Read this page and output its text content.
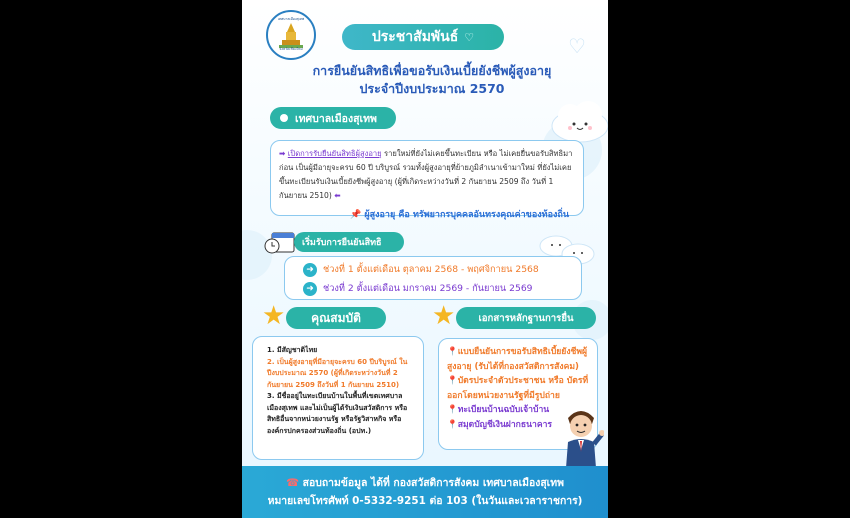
เทศบาลเมืองสุเทพ
จังหวัดเชียงใหม่
ประชาสัมพันธ์ ♡	♡
การยืนยันสิทธิเพื่อขอรับเงินเบี้ยยังชีพผู้สูงอายุ
ประจำปีงบประมาณ 2570
เทศบาลเมืองสุเทพ
➡ เปิดการรับยืนยันสิทธิผู้สูงอายุ รายใหม่ที่ยังไม่เคยขึ้นทะเบียน หรือ ไม่เคยยื่นขอรับสิทธิมาก่อน เป็นผู้มีอายุจะครบ 60 ปี บริบูรณ์ รวมทั้งผู้สูงอายุที่ย้ายภูมิลำเนาเข้ามาใหม่ ที่ยังไม่เคยขึ้นทะเบียนรับเงินเบี้ยยังชีพผู้สูงอายุ (ผู้ที่เกิดระหว่างวันที่ 2 กันยายน 2509 ถึง วันที่ 1 กันยายน 2510) ⬅
📌 ผู้สูงอายุ คือ ทรัพยากรบุคคลอันทรงคุณค่าของท้องถิ่น
เริ่มรับการยืนยันสิทธิ
➜	ช่วงที่ 1 ตั้งแต่เดือน ตุลาคม 2568 - พฤศจิกายน 2568
➜	ช่วงที่ 2 ตั้งแต่เดือน มกราคม 2569 - กันยายน 2569
★ คุณสมบัติ
1. มีสัญชาติไทย
2. เป็นผู้สูงอายุที่มีอายุจะครบ 60 ปีบริบูรณ์ ในปีงบประมาณ 2570 (ผู้ที่เกิดระหว่างวันที่ 2 กันยายน 2509 ถึงวันที่ 1 กันยายน 2510)
3. มีชื่ออยู่ในทะเบียนบ้านในพื้นที่เขตเทศบาลเมืองสุเทพ และไม่เป็นผู้ได้รับเงินสวัสดิการ หรือสิทธิอื่นจากหน่วยงานรัฐ หรือรัฐวิสาหกิจ หรือองค์กรปกครองส่วนท้องถิ่น (อปท.)
★ เอกสารหลักฐานการยื่น
📍แบบยืนยันการขอรับสิทธิเบี้ยยังชีพผู้สูงอายุ (รับได้ที่กองสวัสดิการสังคม)
📍บัตรประจำตัวประชาชน หรือ บัตรที่ออกโดยหน่วยงานรัฐที่มีรูปถ่าย
📍ทะเบียนบ้านฉบับเจ้าบ้าน
📍สมุดบัญชีเงินฝากธนาคาร
☎ สอบถามข้อมูล ได้ที่ กองสวัสดิการสังคม เทศบาลเมืองสุเทพ
หมายเลขโทรศัพท์ 0-5332-9251 ต่อ 103 (ในวันและเวลาราชการ)
